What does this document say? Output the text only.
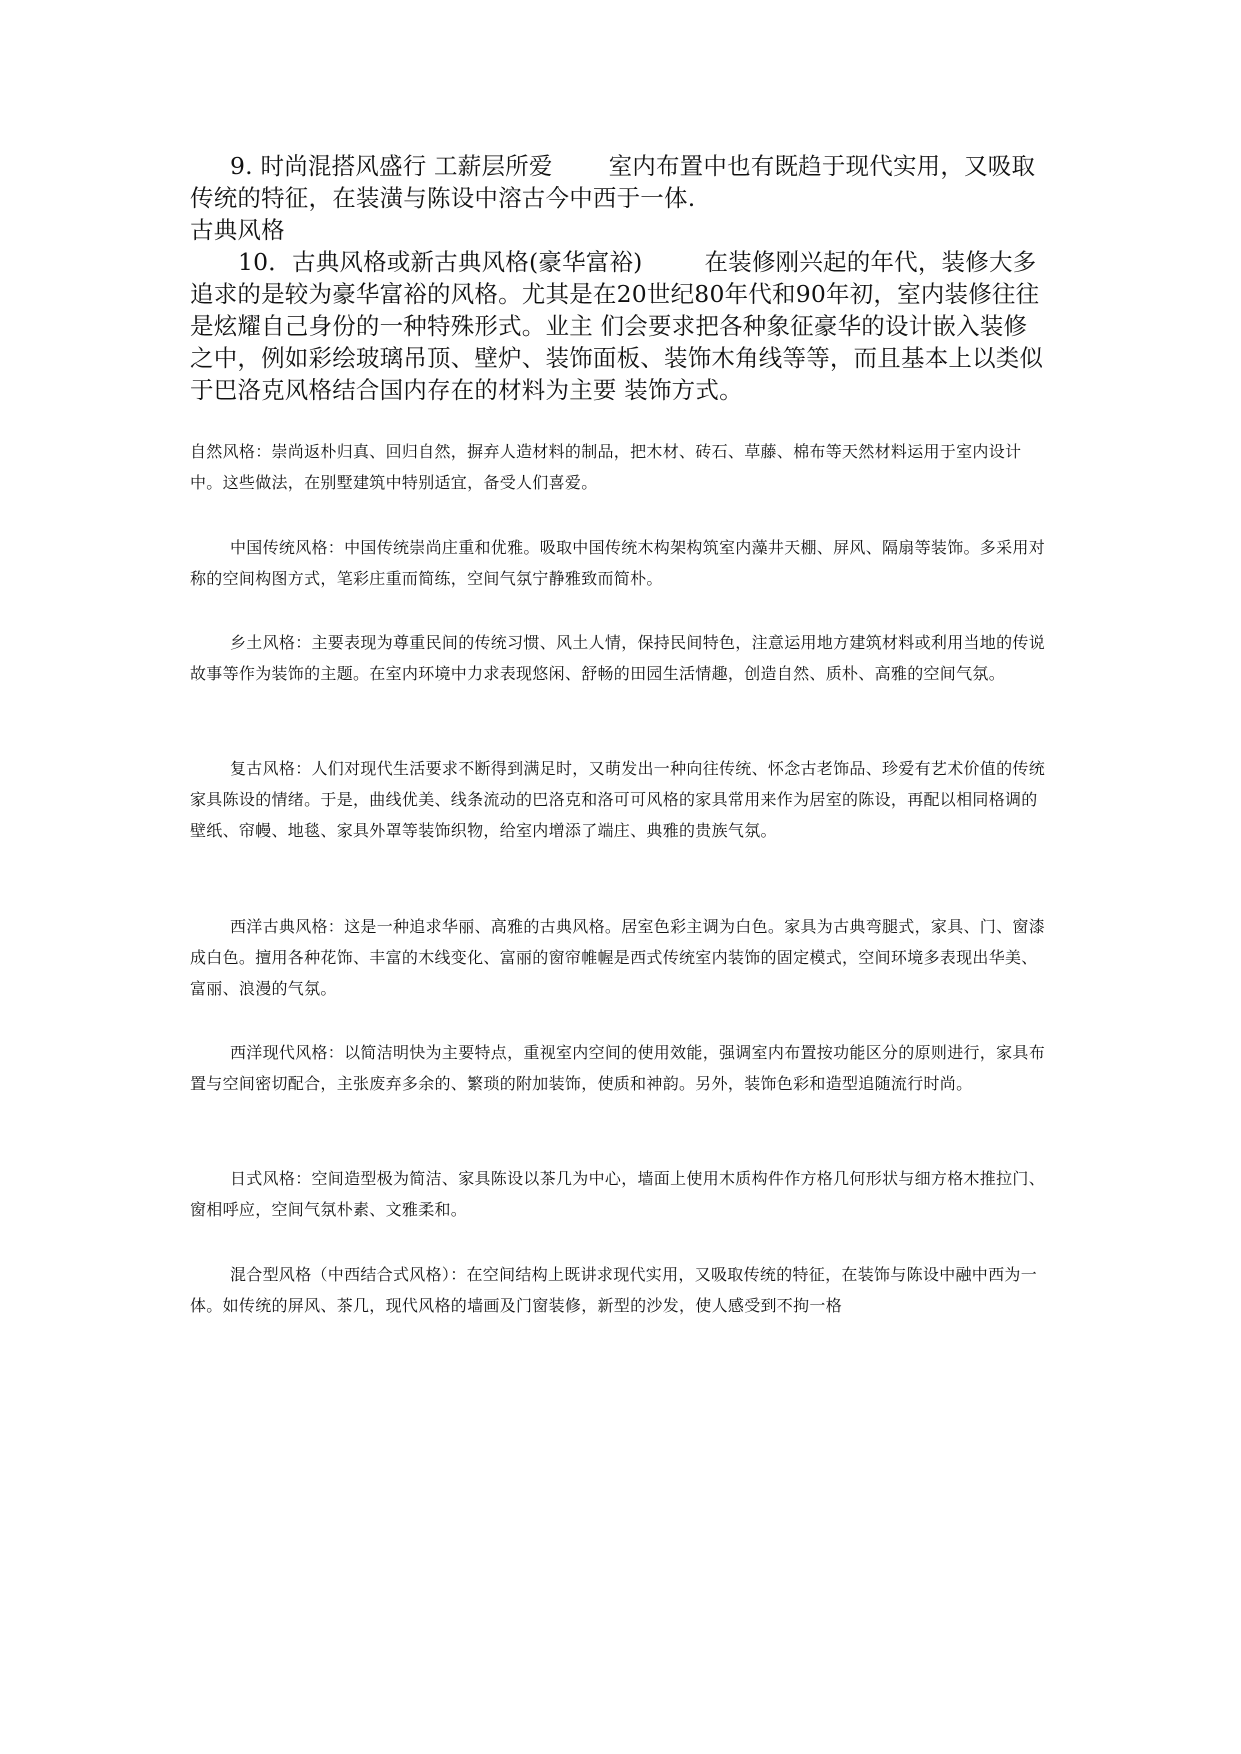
9. 时尚混搭风盛行 工薪层所爱 室内布置中也有既趋于现代实用，又吸取传统的特征，在装潢与陈设中溶古今中西于一体.

古典风格

10．古典风格或新古典风格(豪华富裕)	在装修刚兴起的年代，装修大多追求的是较为豪华富裕的风格。尤其是在20世纪80年代和90年初，室内装修往往是炫耀自己身份的一种特殊形式。业主 们会要求把各种象征豪华的设计嵌入装修之中，例如彩绘玻璃吊顶、壁炉、装饰面板、装饰木角线等等，而且基本上以类似于巴洛克风格结合国内存在的材料为主要 装饰方式。

自然风格：崇尚返朴归真、回归自然，摒弃人造材料的制品，把木材、砖石、草藤、棉布等天然材料运用于室内设计中。这些做法，在别墅建筑中特别适宜，备受人们喜爱。

中国传统风格：中国传统崇尚庄重和优雅。吸取中国传统木构架构筑室内藻井天棚、屏风、隔扇等装饰。多采用对称的空间构图方式，笔彩庄重而简练，空间气氛宁静雅致而简朴。

乡土风格：主要表现为尊重民间的传统习惯、风土人情，保持民间特色，注意运用地方建筑材料或利用当地的传说故事等作为装饰的主题。在室内环境中力求表现悠闲、舒畅的田园生活情趣，创造自然、质朴、高雅的空间气氛。

复古风格：人们对现代生活要求不断得到满足时，又萌发出一种向往传统、怀念古老饰品、珍爱有艺术价值的传统家具陈设的情绪。于是，曲线优美、线条流动的巴洛克和洛可可风格的家具常用来作为居室的陈设，再配以相同格调的壁纸、帘幔、地毯、家具外罩等装饰织物，给室内增添了端庄、典雅的贵族气氛。

西洋古典风格：这是一种追求华丽、高雅的古典风格。居室色彩主调为白色。家具为古典弯腿式，家具、门、窗漆成白色。擅用各种花饰、丰富的木线变化、富丽的窗帘帷幄是西式传统室内装饰的固定模式，空间环境多表现出华美、富丽、浪漫的气氛。

西洋现代风格：以简洁明快为主要特点，重视室内空间的使用效能，强调室内布置按功能区分的原则进行，家具布置与空间密切配合，主张废弃多余的、繁琐的附加装饰，使质和神韵。另外，装饰色彩和造型追随流行时尚。

日式风格：空间造型极为简洁、家具陈设以茶几为中心，墙面上使用木质构件作方格几何形状与细方格木推拉门、窗相呼应，空间气氛朴素、文雅柔和。

混合型风格（中西结合式风格）：在空间结构上既讲求现代实用，又吸取传统的特征，在装饰与陈设中融中西为一体。如传统的屏风、茶几，现代风格的墙画及门窗装修，新型的沙发，使人感受到不拘一格
